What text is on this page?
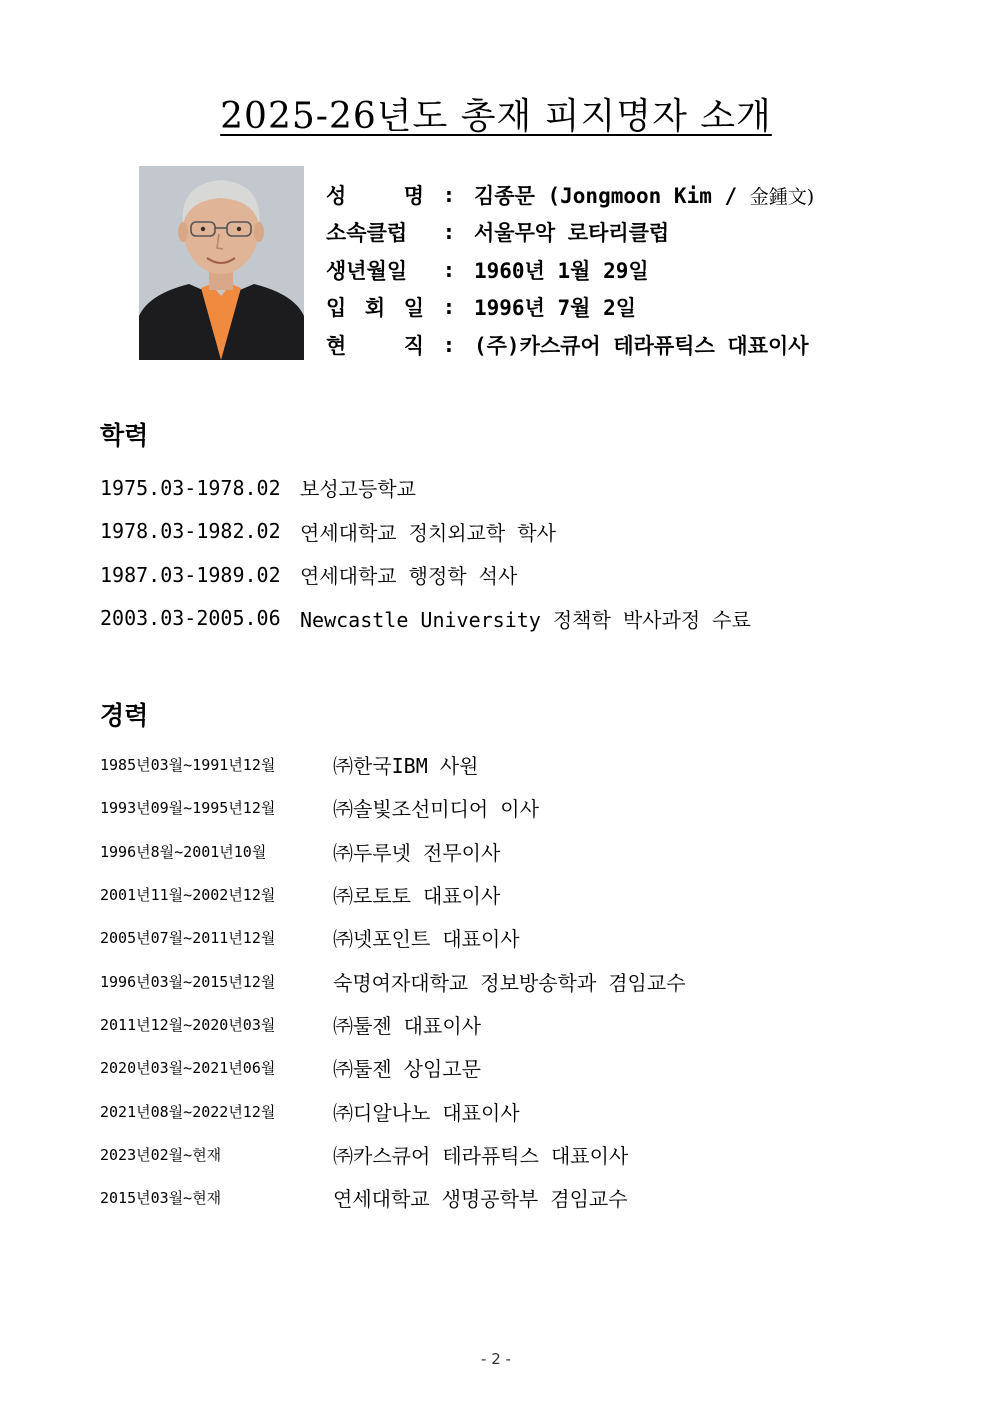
2025-26년도 총재 피지명자 소개
성	명 : 김종문 (Jongmoon Kim / 金鍾文)
소속클럽	: 서울무악 로타리클럽
생년월일	: 1960년 1월 29일
입 회 일 : 1996년 7월 2일
현	직 : (주)카스큐어 테라퓨틱스 대표이사
학력
1975.03-1978.02 보성고등학교
1978.03-1982.02 연세대학교 정치외교학 학사
1987.03-1989.02 연세대학교 행정학 석사
2003.03-2005.06 Newcastle University 정책학 박사과정 수료
경력
1985년03월~1991년12월	㈜한국IBM 사원
1993년09월~1995년12월	㈜솔빛조선미디어 이사
1996년8월~2001년10월	㈜두루넷 전무이사
2001년11월~2002년12월	㈜로토토 대표이사
2005년07월~2011년12월	㈜넷포인트 대표이사
1996년03월~2015년12월	숙명여자대학교 정보방송학과 겸임교수
2011년12월~2020년03월	㈜툴젠 대표이사
2020년03월~2021년06월	㈜툴젠 상임고문
2021년08월~2022년12월	㈜디알나노 대표이사
2023년02월~현재	㈜카스큐어 테라퓨틱스 대표이사
2015년03월~현재	연세대학교 생명공학부 겸임교수
- 2 -
